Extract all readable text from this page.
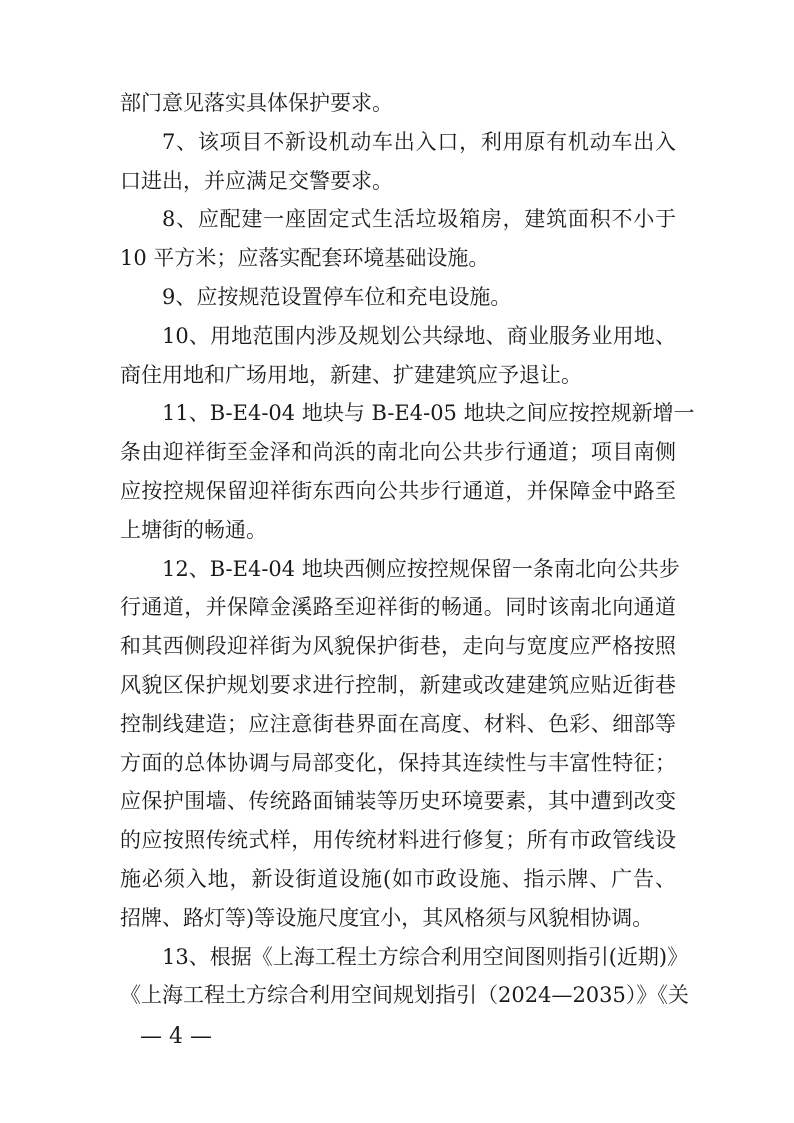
部门意见落实具体保护要求。
7、该项目不新设机动车出入口，利用原有机动车出入
口进出，并应满足交警要求。
8、应配建一座固定式生活垃圾箱房，建筑面积不小于
10 平方米；应落实配套环境基础设施。
9、应按规范设置停车位和充电设施。
10、用地范围内涉及规划公共绿地、商业服务业用地、
商住用地和广场用地，新建、扩建建筑应予退让。
11、B-E4-04 地块与 B-E4-05 地块之间应按控规新增一
条由迎祥街至金泽和尚浜的南北向公共步行通道；项目南侧
应按控规保留迎祥街东西向公共步行通道，并保障金中路至
上塘街的畅通。
12、B-E4-04 地块西侧应按控规保留一条南北向公共步
行通道，并保障金溪路至迎祥街的畅通。同时该南北向通道
和其西侧段迎祥街为风貌保护街巷，走向与宽度应严格按照
风貌区保护规划要求进行控制，新建或改建建筑应贴近街巷
控制线建造；应注意街巷界面在高度、材料、色彩、细部等
方面的总体协调与局部变化，保持其连续性与丰富性特征；
应保护围墙、传统路面铺装等历史环境要素，其中遭到改变
的应按照传统式样，用传统材料进行修复；所有市政管线设
施必须入地，新设街道设施(如市政设施、指示牌、广告、
招牌、路灯等)等设施尺度宜小，其风格须与风貌相协调。
13、根据《上海工程土方综合利用空间图则指引(近期)》
《上海工程土方综合利用空间规划指引（2024—2035）》《关
— 4 —
